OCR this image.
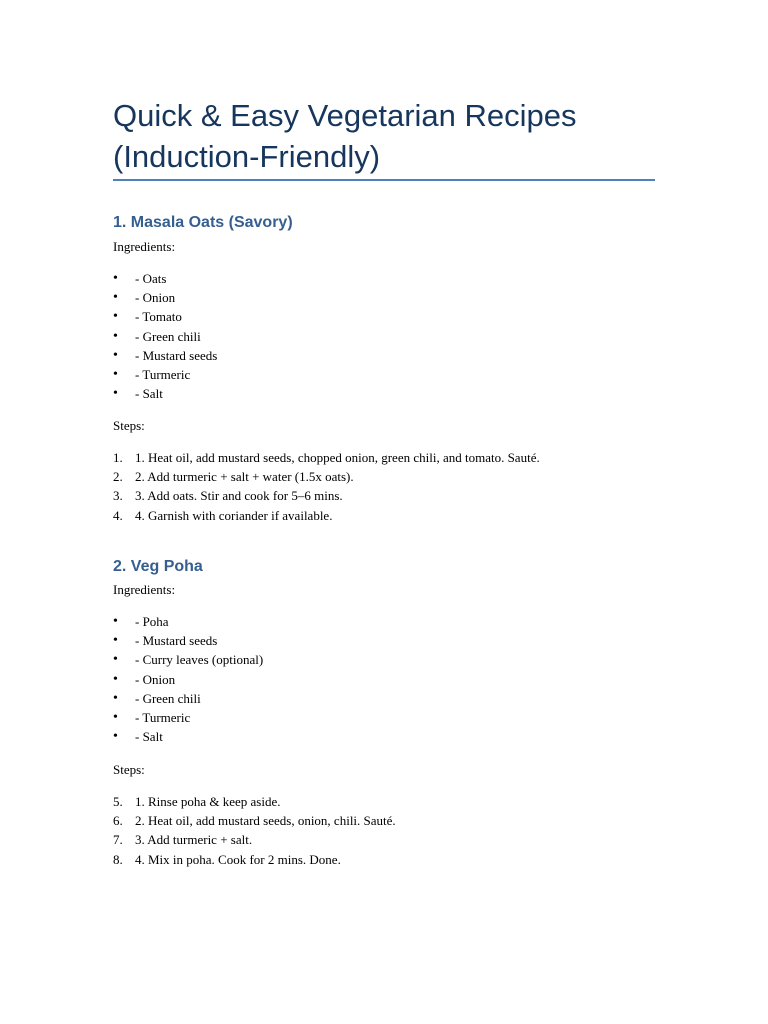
Quick & Easy Vegetarian Recipes (Induction-Friendly)
1. Masala Oats (Savory)

Ingredients:

• - Oats
• - Onion
• - Tomato
• - Green chili
• - Mustard seeds
• - Turmeric
• - Salt

Steps:

1. 1. Heat oil, add mustard seeds, chopped onion, green chili, and tomato. Sauté.
2. 2. Add turmeric + salt + water (1.5x oats).
3. 3. Add oats. Stir and cook for 5–6 mins.
4. 4. Garnish with coriander if available.
2. Veg Poha

Ingredients:

• - Poha
• - Mustard seeds
• - Curry leaves (optional)
• - Onion
• - Green chili
• - Turmeric
• - Salt

Steps:

5. 1. Rinse poha & keep aside.
6. 2. Heat oil, add mustard seeds, onion, chili. Sauté.
7. 3. Add turmeric + salt.
8. 4. Mix in poha. Cook for 2 mins. Done.
